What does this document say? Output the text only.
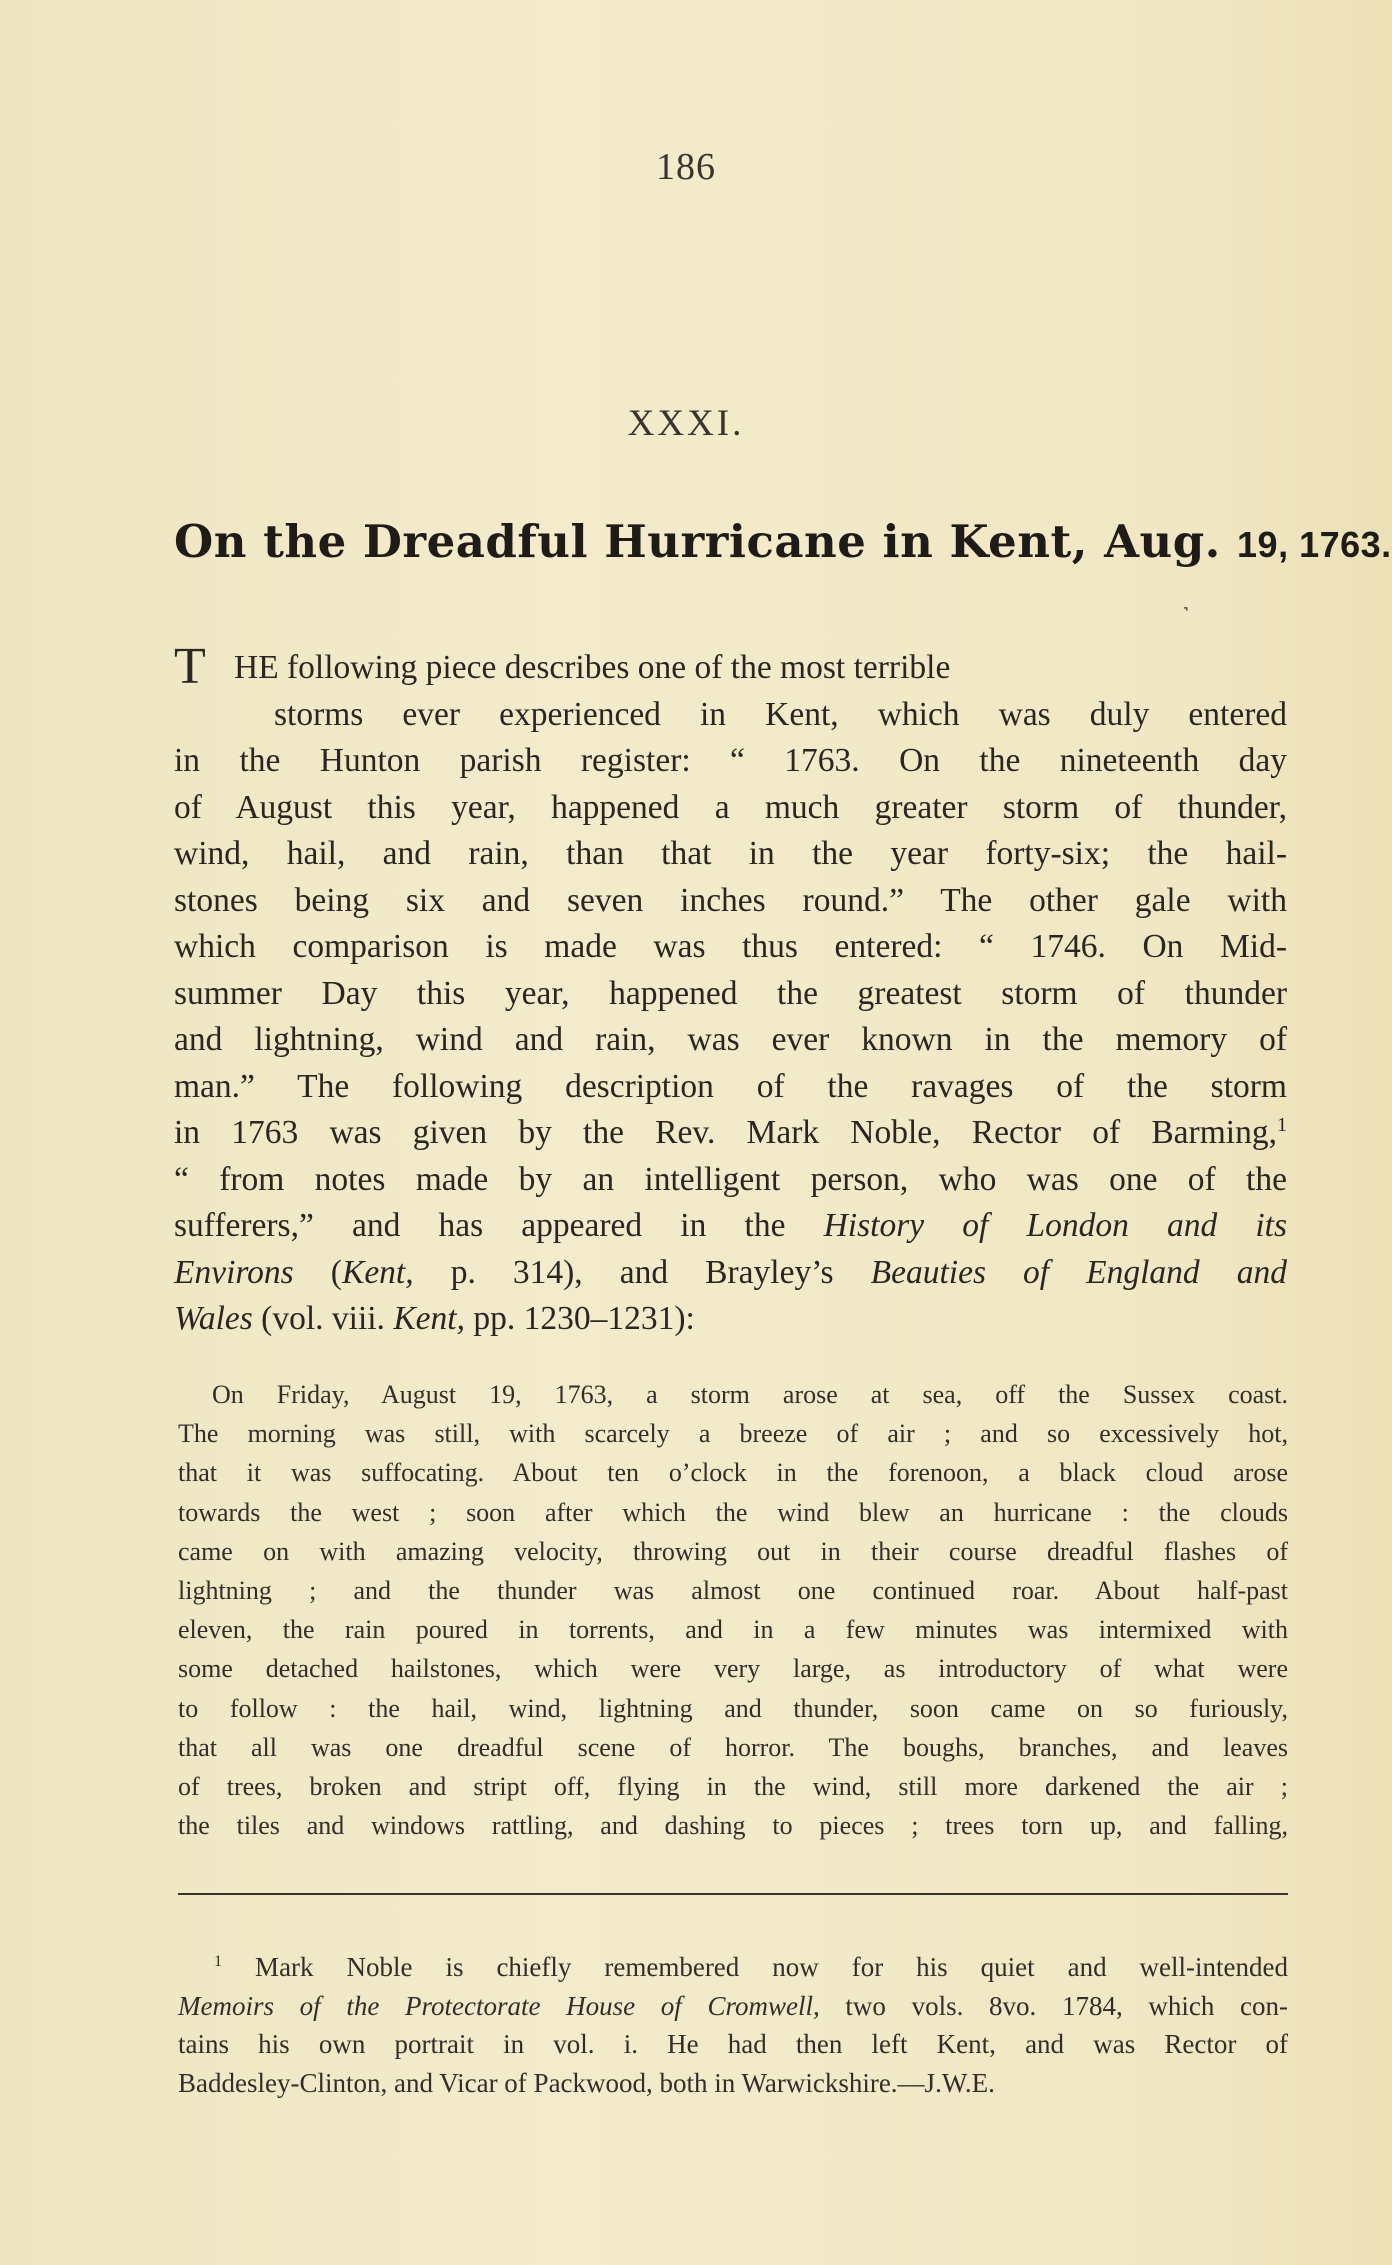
186
XXXI.
On the Dreadful Hurricane in Kent, Aug. 19, 1763.
˺
T HE following piece describes one of the most terrible
storms ever experienced in Kent, which was duly entered
in the Hunton parish register: “ 1763. On the nineteenth day
of August this year, happened a much greater storm of thunder,
wind, hail, and rain, than that in the year forty-six; the hail-
stones being six and seven inches round.” The other gale with
which comparison is made was thus entered: “ 1746. On Mid-
summer Day this year, happened the greatest storm of thunder
and lightning, wind and rain, was ever known in the memory of
man.” The following description of the ravages of the storm
in 1763 was given by the Rev. Mark Noble, Rector of Barming,$^1$
“ from notes made by an intelligent person, who was one of the
sufferers,” and has appeared in the History of London and its
Environs (Kent, p. 314), and Brayley’s Beauties of England and
Wales (vol. viii. Kent, pp. 1230–1231):
On Friday, August 19, 1763, a storm arose at sea, off the Sussex coast.
The morning was still, with scarcely a breeze of air ; and so excessively hot,
that it was suffocating. About ten o’clock in the forenoon, a black cloud arose
towards the west ; soon after which the wind blew an hurricane : the clouds
came on with amazing velocity, throwing out in their course dreadful flashes of
lightning ; and the thunder was almost one continued roar. About half-past
eleven, the rain poured in torrents, and in a few minutes was intermixed with
some detached hailstones, which were very large, as introductory of what were
to follow : the hail, wind, lightning and thunder, soon came on so furiously,
that all was one dreadful scene of horror. The boughs, branches, and leaves
of trees, broken and stript off, flying in the wind, still more darkened the air ;
the tiles and windows rattling, and dashing to pieces ; trees torn up, and falling,
$^1$ Mark Noble is chiefly remembered now for his quiet and well-intended
Memoirs of the Protectorate House of Cromwell, two vols. 8vo. 1784, which con-
tains his own portrait in vol. i. He had then left Kent, and was Rector of
Baddesley-Clinton, and Vicar of Packwood, both in Warwickshire.—J.W.E.
